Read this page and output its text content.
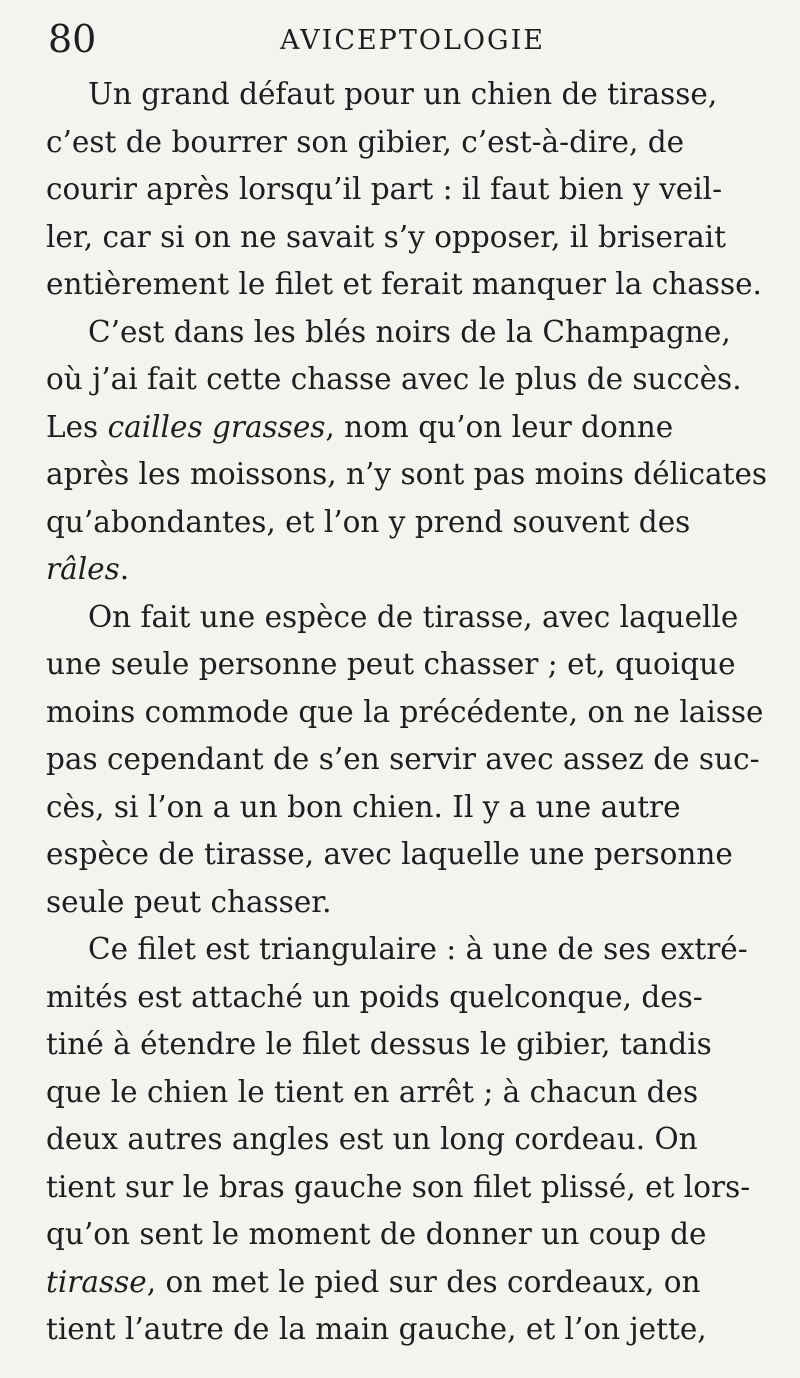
80	AVICEPTOLOGIE
Un grand défaut pour un chien de tirasse,
c’est de bourrer son gibier, c’est-à-dire, de
courir après lorsqu’il part : il faut bien y veil-
ler, car si on ne savait s’y opposer, il briserait
entièrement le filet et ferait manquer la chasse.
C’est dans les blés noirs de la Champagne,
où j’ai fait cette chasse avec le plus de succès.
Les cailles grasses, nom qu’on leur donne
après les moissons, n’y sont pas moins délicates
qu’abondantes, et l’on y prend souvent des
râles.
On fait une espèce de tirasse, avec laquelle
une seule personne peut chasser ; et, quoique
moins commode que la précédente, on ne laisse
pas cependant de s’en servir avec assez de suc-
cès, si l’on a un bon chien. Il y a une autre
espèce de tirasse, avec laquelle une personne
seule peut chasser.
Ce filet est triangulaire : à une de ses extré-
mités est attaché un poids quelconque, des-
tiné à étendre le filet dessus le gibier, tandis
que le chien le tient en arrêt ; à chacun des
deux autres angles est un long cordeau. On
tient sur le bras gauche son filet plissé, et lors-
qu’on sent le moment de donner un coup de
tirasse, on met le pied sur des cordeaux, on
tient l’autre de la main gauche, et l’on jette,
